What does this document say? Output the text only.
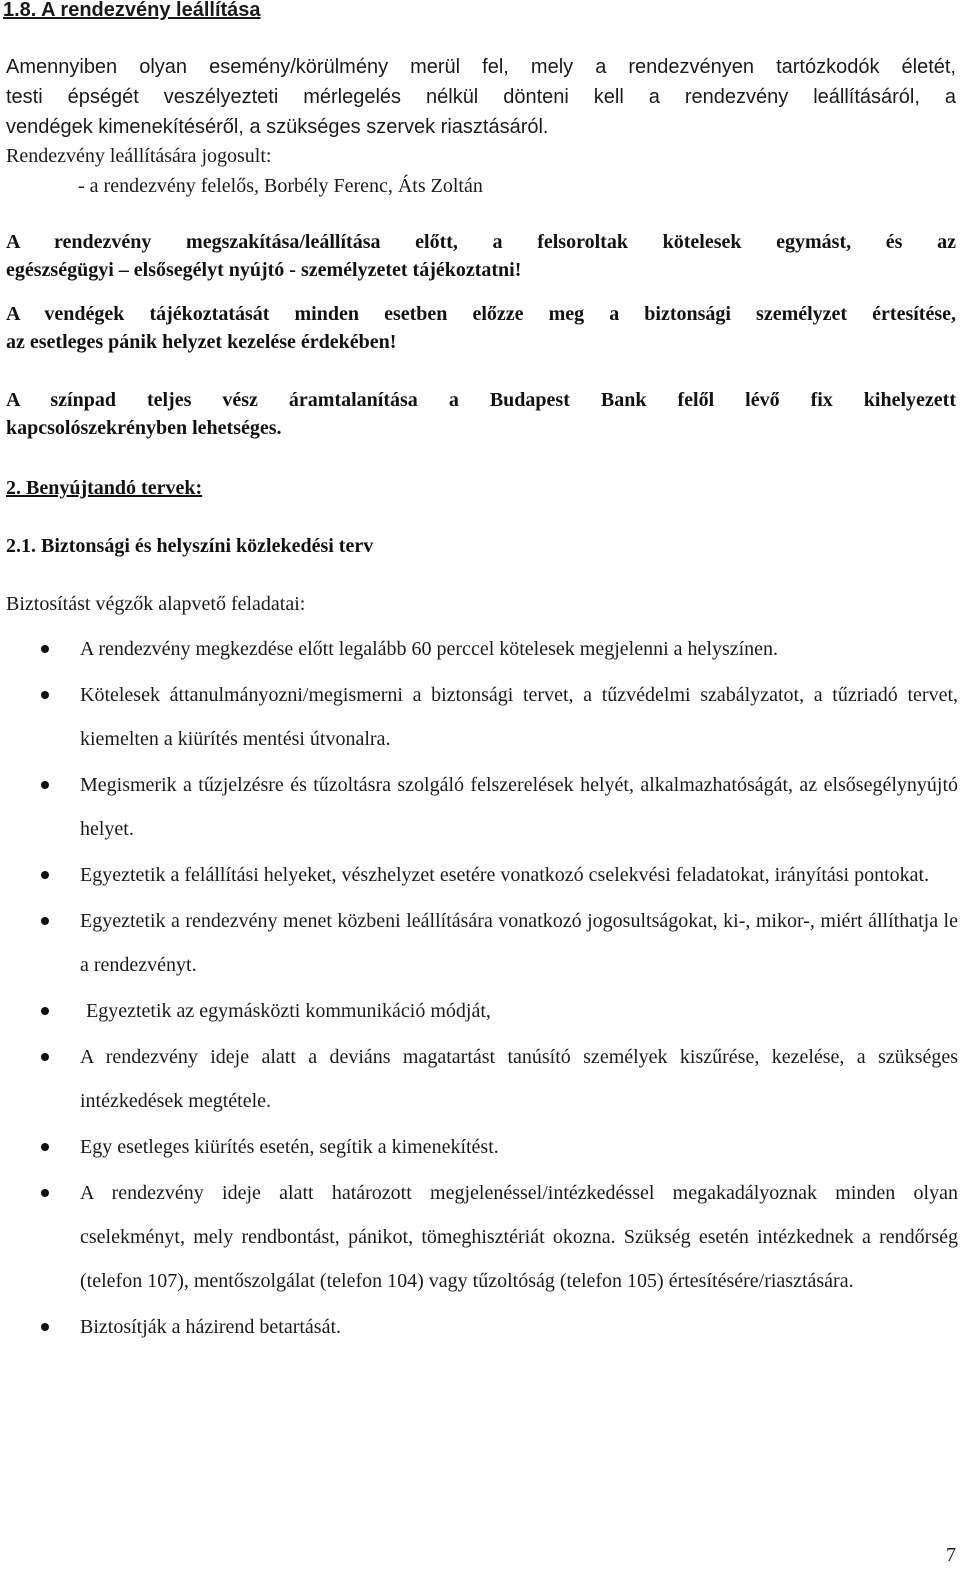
1.8. A rendezvény leállítása
Amennyiben olyan esemény/körülmény merül fel, mely a rendezvényen tartózkodók életét,
testi épségét veszélyezteti mérlegelés nélkül dönteni kell a rendezvény leállításáról, a
vendégek kimenekítéséről, a szükséges szervek riasztásáról.
Rendezvény leállítására jogosult:
- a rendezvény felelős, Borbély Ferenc, Áts Zoltán
A rendezvény megszakítása/leállítása előtt, a felsoroltak kötelesek egymást, és az
egészségügyi – elsősegélyt nyújtó - személyzetet tájékoztatni!
A vendégek tájékoztatását minden esetben előzze meg a biztonsági személyzet értesítése,
az esetleges pánik helyzet kezelése érdekében!
A színpad teljes vész áramtalanítása a Budapest Bank felől lévő fix kihelyezett
kapcsolószekrényben lehetséges.
2. Benyújtandó tervek:
2.1. Biztonsági és helyszíni közlekedési terv
Biztosítást végzők alapvető feladatai:
A rendezvény megkezdése előtt legalább 60 perccel kötelesek megjelenni a helyszínen.
Kötelesek áttanulmányozni/megismerni a biztonsági tervet, a tűzvédelmi szabályzatot, a tűzriadó tervet, kiemelten a kiürítés mentési útvonalra.
Megismerik a tűzjelzésre és tűzoltásra szolgáló felszerelések helyét, alkalmazhatóságát, az elsősegélynyújtó helyet.
Egyeztetik a felállítási helyeket, vészhelyzet esetére vonatkozó cselekvési feladatokat, irányítási pontokat.
Egyeztetik a rendezvény menet közbeni leállítására vonatkozó jogosultságokat, ki-, mikor-, miért állíthatja le a rendezvényt.
Egyeztetik az egymásközti kommunikáció módját,
A rendezvény ideje alatt a deviáns magatartást tanúsító személyek kiszűrése, kezelése, a szükséges intézkedések megtétele.
Egy esetleges kiürítés esetén, segítik a kimenekítést.
A rendezvény ideje alatt határozott megjelenéssel/intézkedéssel megakadályoznak minden olyan cselekményt, mely rendbontást, pánikot, tömeghisztériát okozna. Szükség esetén intézkednek a rendőrség (telefon 107), mentőszolgálat (telefon 104) vagy tűzoltóság (telefon 105) értesítésére/riasztására.
Biztosítják a házirend betartását.
7
